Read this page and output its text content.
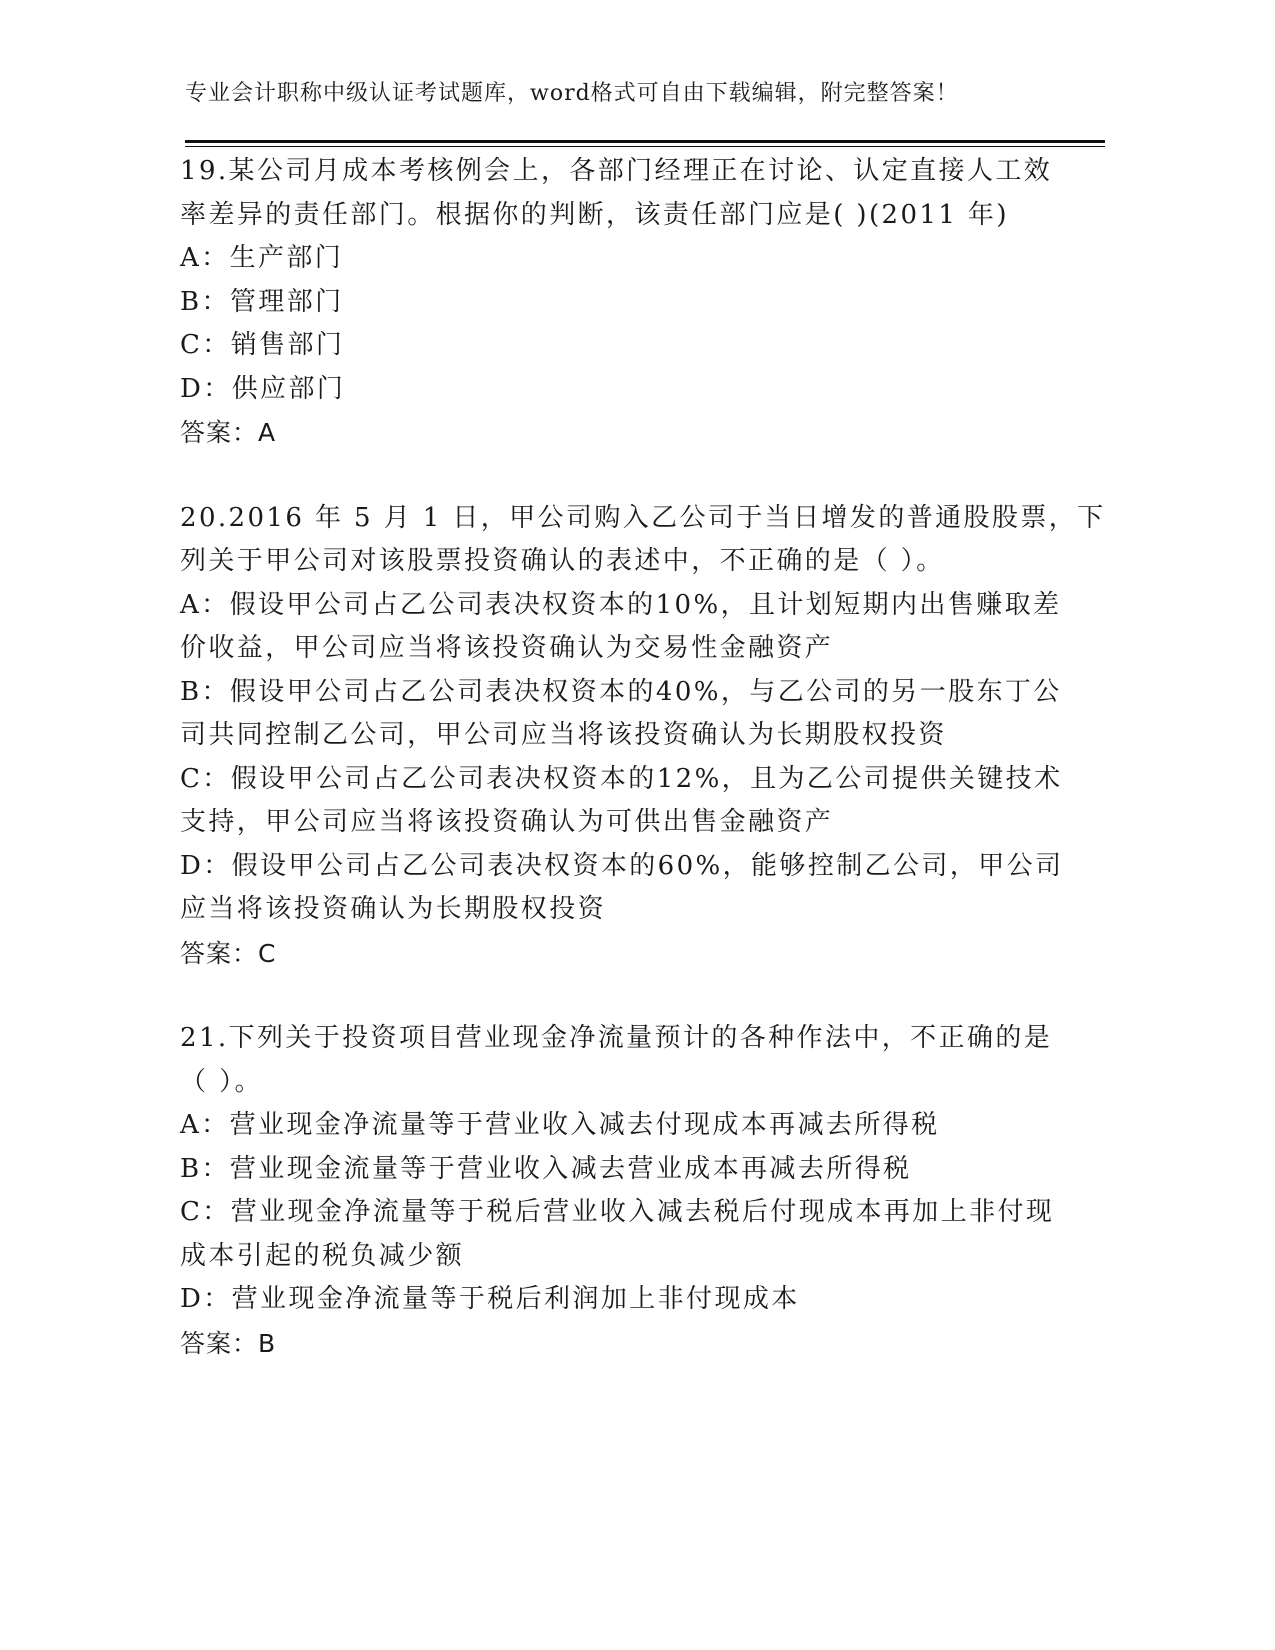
专业会计职称中级认证考试题库，word格式可自由下载编辑，附完整答案！
19.某公司月成本考核例会上，各部门经理正在讨论、认定直接人工效
率差异的责任部门。根据你的判断，该责任部门应是( )(2011 年)
A：生产部门
B：管理部门
C：销售部门
D：供应部门
答案：A
20.2016 年 5 月 1 日，甲公司购入乙公司于当日增发的普通股股票，下
列关于甲公司对该股票投资确认的表述中，不正确的是（ ）。
A：假设甲公司占乙公司表决权资本的10%，且计划短期内出售赚取差
价收益，甲公司应当将该投资确认为交易性金融资产
B：假设甲公司占乙公司表决权资本的40%，与乙公司的另一股东丁公
司共同控制乙公司，甲公司应当将该投资确认为长期股权投资
C：假设甲公司占乙公司表决权资本的12%，且为乙公司提供关键技术
支持，甲公司应当将该投资确认为可供出售金融资产
D：假设甲公司占乙公司表决权资本的60%，能够控制乙公司，甲公司
应当将该投资确认为长期股权投资
答案：C
21.下列关于投资项目营业现金净流量预计的各种作法中，不正确的是
（ ）。
A：营业现金净流量等于营业收入减去付现成本再减去所得税
B：营业现金流量等于营业收入减去营业成本再减去所得税
C：营业现金净流量等于税后营业收入减去税后付现成本再加上非付现
成本引起的税负减少额
D：营业现金净流量等于税后利润加上非付现成本
答案：B
